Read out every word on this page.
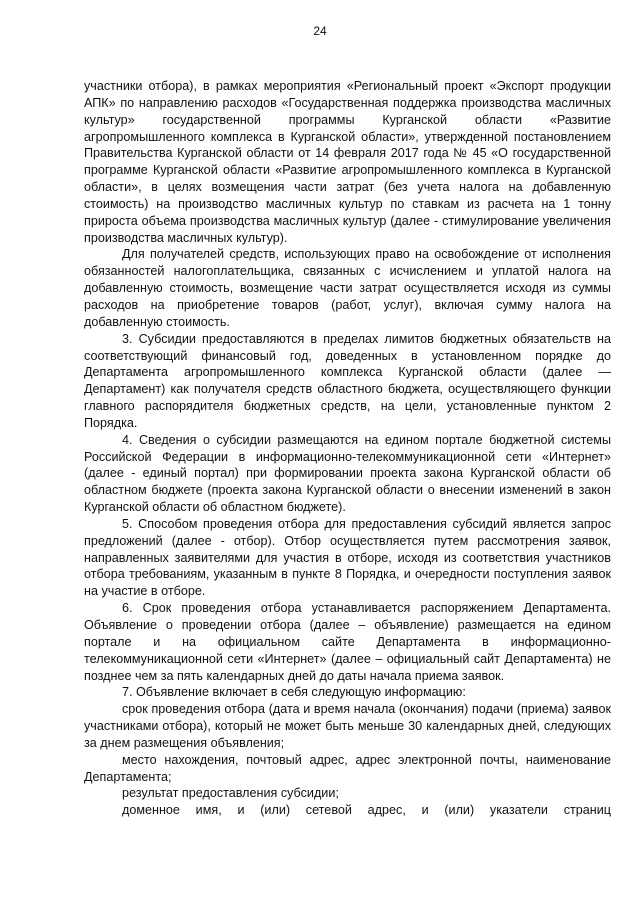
24

участники отбора), в рамках мероприятия «Региональный проект «Экспорт продукции АПК» по направлению расходов «Государственная поддержка производства масличных культур» государственной программы Курганской области «Развитие агропромышленного комплекса в Курганской области», утвержденной постановлением Правительства Курганской области от 14 февраля 2017 года № 45 «О государственной программе Курганской области «Развитие агропромышленного комплекса в Курганской области», в целях возмещения части затрат (без учета налога на добавленную стоимость) на производство масличных культур по ставкам из расчета на 1 тонну прироста объема производства масличных культур (далее - стимулирование увеличения производства масличных культур).

Для получателей средств, использующих право на освобождение от исполнения обязанностей налогоплательщика, связанных с исчислением и уплатой налога на добавленную стоимость, возмещение части затрат осуществляется исходя из суммы расходов на приобретение товаров (работ, услуг), включая сумму налога на добавленную стоимость.

3. Субсидии предоставляются в пределах лимитов бюджетных обязательств на соответствующий финансовый год, доведенных в установленном порядке до Департамента агропромышленного комплекса Курганской области (далее — Департамент) как получателя средств областного бюджета, осуществляющего функции главного распорядителя бюджетных средств, на цели, установленные пунктом 2 Порядка.

4. Сведения о субсидии размещаются на едином портале бюджетной системы Российской Федерации в информационно-телекоммуникационной сети «Интернет» (далее - единый портал) при формировании проекта закона Курганской области об областном бюджете (проекта закона Курганской области о внесении изменений в закон Курганской области об областном бюджете).

5. Способом проведения отбора для предоставления субсидий является запрос предложений (далее - отбор). Отбор осуществляется путем рассмотрения заявок, направленных заявителями для участия в отборе, исходя из соответствия участников отбора требованиям, указанным в пункте 8 Порядка, и очередности поступления заявок на участие в отборе.

6. Срок проведения отбора устанавливается распоряжением Департамента. Объявление о проведении отбора (далее – объявление) размещается на едином портале и на официальном сайте Департамента в информационно-телекоммуникационной сети «Интернет» (далее – официальный сайт Департамента) не позднее чем за пять календарных дней до даты начала приема заявок.

7. Объявление включает в себя следующую информацию:

срок проведения отбора (дата и время начала (окончания) подачи (приема) заявок участниками отбора), который не может быть меньше 30 календарных дней, следующих за днем размещения объявления;

место нахождения, почтовый адрес, адрес электронной почты, наименование Департамента;

результат предоставления субсидии;

доменное имя, и (или) сетевой адрес, и (или) указатели страниц
